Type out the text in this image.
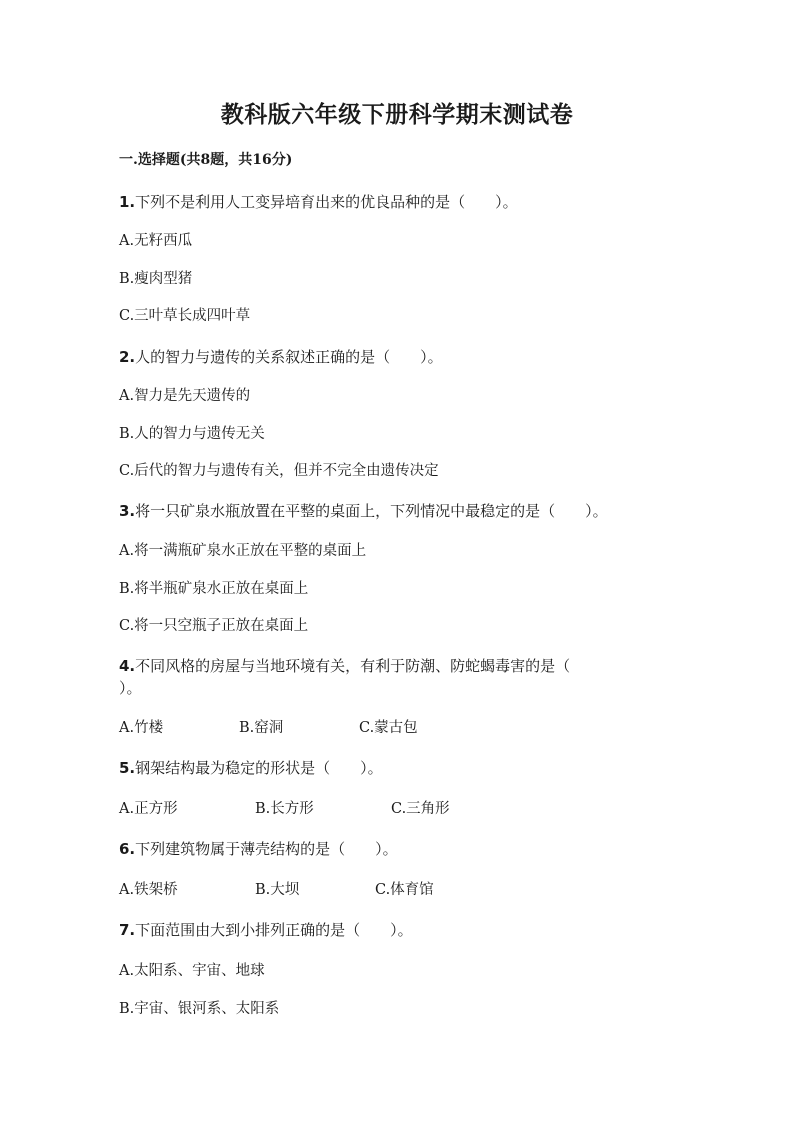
教科版六年级下册科学期末测试卷
一.选择题(共8题，共16分)
1.下列不是利用人工变异培育出来的优良品种的是（　　）。
A.无籽西瓜
B.瘦肉型猪
C.三叶草长成四叶草
2.人的智力与遗传的关系叙述正确的是（　　）。
A.智力是先天遗传的
B.人的智力与遗传无关
C.后代的智力与遗传有关，但并不完全由遗传决定
3.将一只矿泉水瓶放置在平整的桌面上，下列情况中最稳定的是（　　）。
A.将一满瓶矿泉水正放在平整的桌面上
B.将半瓶矿泉水正放在桌面上
C.将一只空瓶子正放在桌面上
4.不同风格的房屋与当地环境有关，有利于防潮、防蛇蝎毒害的是（
）。
A.竹楼	B.窑洞	C.蒙古包
5.钢架结构最为稳定的形状是（　　）。
A.正方形	B.长方形	C.三角形
6.下列建筑物属于薄壳结构的是（　　）。
A.铁架桥	B.大坝	C.体育馆
7.下面范围由大到小排列正确的是（　　）。
A.太阳系、宇宙、地球
B.宇宙、银河系、太阳系
